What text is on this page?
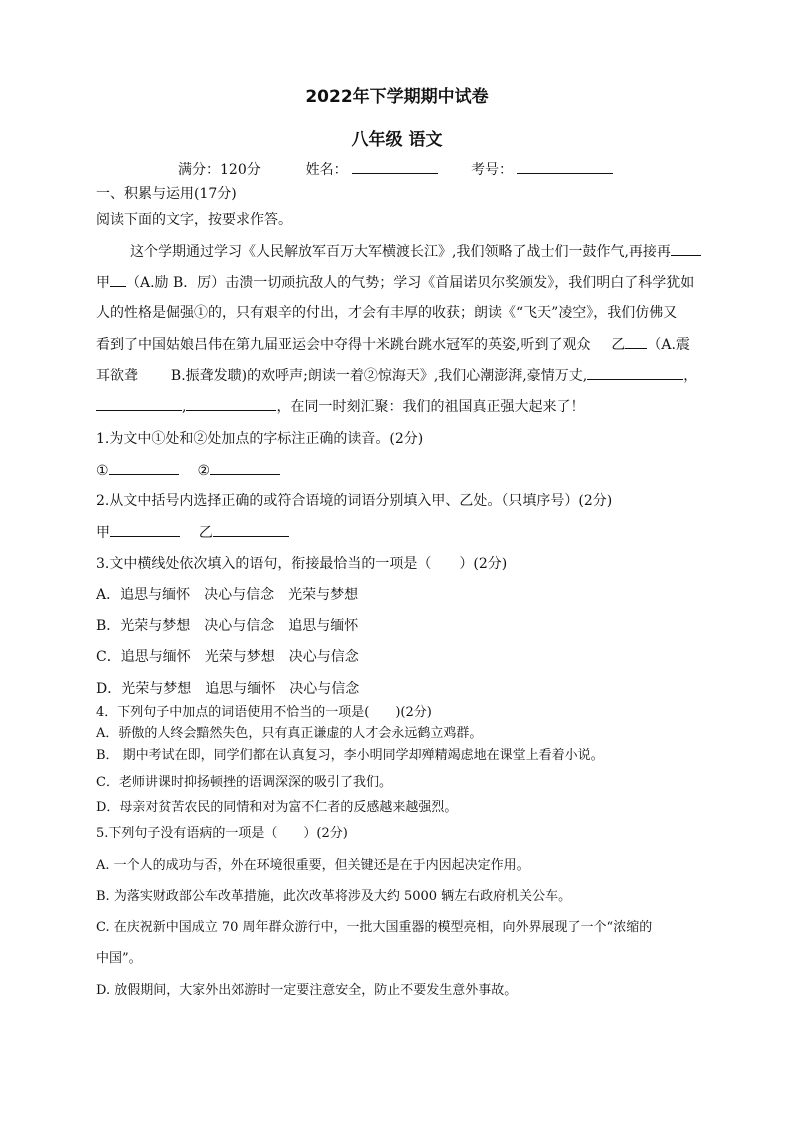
2022年下学期期中试卷
八年级 语文
满分：120分	姓名：	考号：
一、积累与运用(17分)
阅读下面的文字，按要求作答。
这个学期通过学习《人民解放军百万大军横渡长江》,我们领略了战士们一鼓作气,再接再
甲 （A.励 B．厉）击溃一切顽抗敌人的气势；学习《首届诺贝尔奖颁发》，我们明白了科学犹如
人的性格是倔强①的，只有艰辛的付出，才会有丰厚的收获；朗读《“飞天”凌空》，我们仿佛又
看到了中国姑娘吕伟在第九届亚运会中夺得十米跳台跳水冠军的英姿,听到了观众 乙 （A.震
耳欲聋 B.振聋发聩)的欢呼声;朗读一着②惊海天》,我们心潮澎湃,豪情万丈,	，
,	，在同一时刻汇聚：我们的祖国真正强大起来了！
1.为文中①处和②处加点的字标注正确的读音。(2分)
①	②
2.从文中括号内选择正确的或符合语境的词语分别填入甲、乙处。（只填序号）(2分)
甲	乙
3.文中横线处依次填入的语句，衔接最恰当的一项是（　　）(2分)
A．追思与缅怀　决心与信念　光荣与梦想
B．光荣与梦想　决心与信念　追思与缅怀
C．追思与缅怀　光荣与梦想　决心与信念
D．光荣与梦想　追思与缅怀　决心与信念
4．下列句子中加点的词语使用不恰当的一项是(　　)(2分)
A．骄傲的人终会黯然失色，只有真正谦虚的人才会永远鹤立鸡群。
B． 期中考试在即，同学们都在认真复习，李小明同学却殚精竭虑地在课堂上看着小说。
C．老师讲课时抑扬顿挫的语调深深的吸引了我们。
D．母亲对贫苦农民的同情和对为富不仁者的反感越来越强烈。
5.下列句子没有语病的一项是（　　）(2分)
A. 一个人的成功与否，外在环境很重要，但关键还是在于内因起决定作用。
B. 为落实财政部公车改革措施，此次改革将涉及大约 5000 辆左右政府机关公车。
C. 在庆祝新中国成立 70 周年群众游行中，一批大国重器的模型亮相，向外界展现了一个“浓缩的
中国”。
D. 放假期间，大家外出郊游时一定要注意安全，防止不要发生意外事故。
